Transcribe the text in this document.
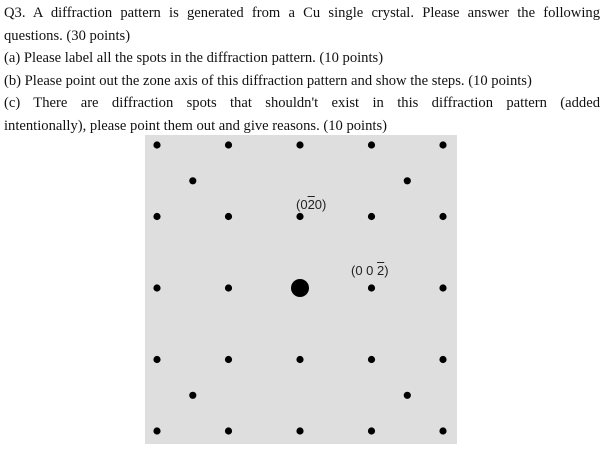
Q3. A diffraction pattern is generated from a Cu single crystal. Please answer the following

questions. (30 points)

(a) Please label all the spots in the diffraction pattern. (10 points)

(b) Please point out the zone axis of this diffraction pattern and show the steps. (10 points)

(c) There are diffraction spots that shouldn't exist in this diffraction pattern (added

intentionally), please point them out and give reasons. (10 points)

(020)
(0 0 2)
